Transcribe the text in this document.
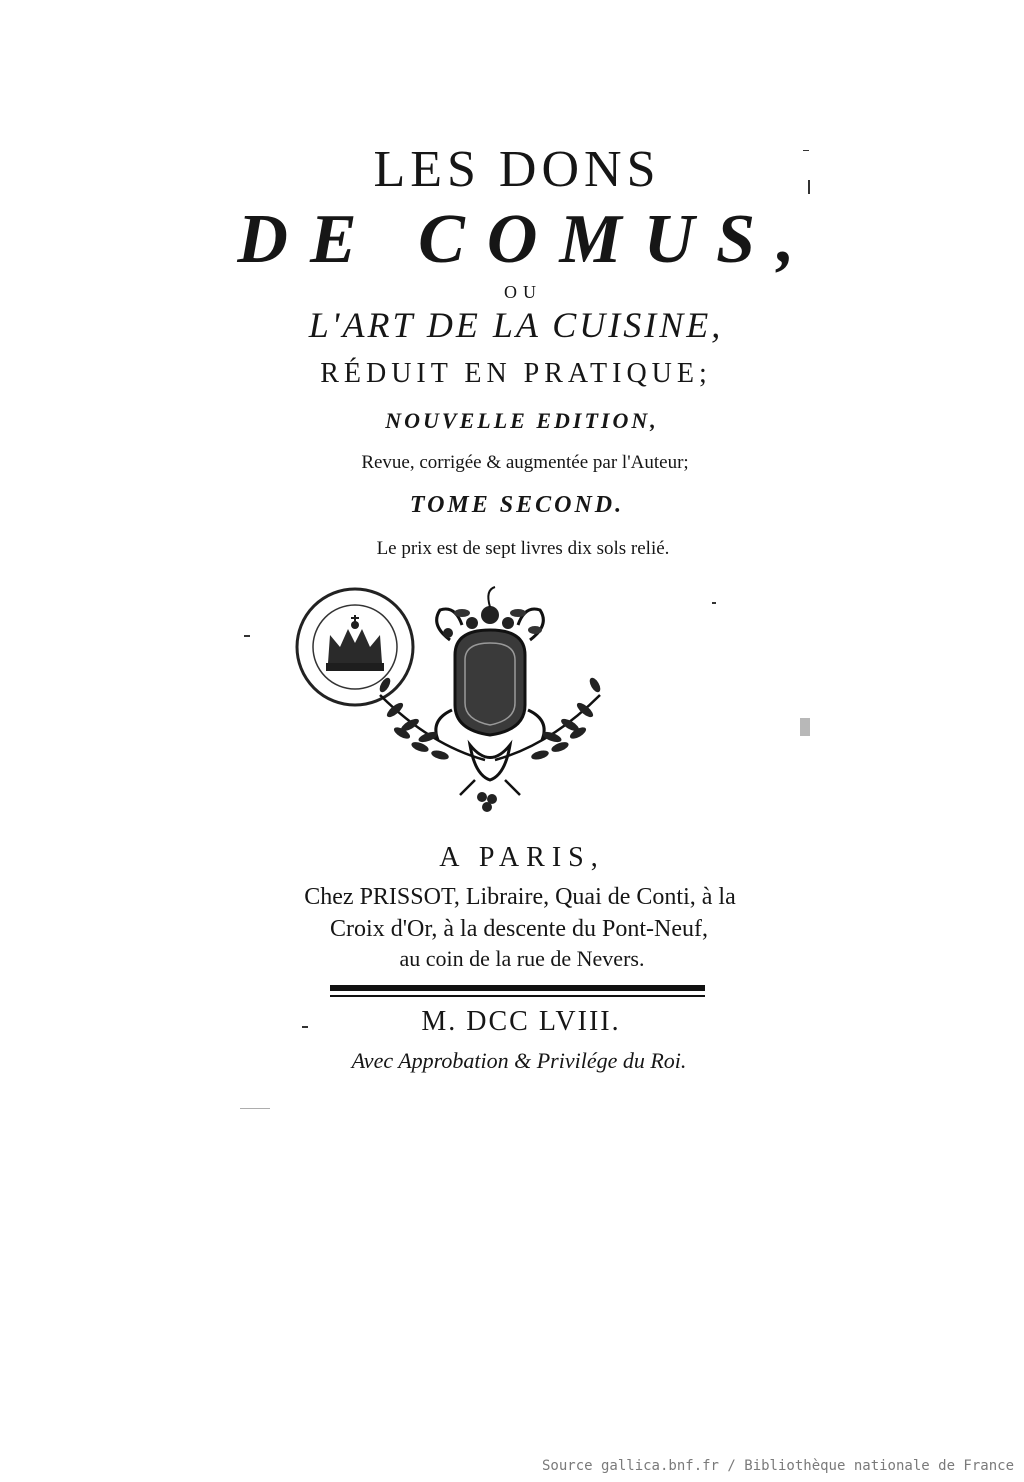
LES DONS
DE COMUS,
OU
L'ART DE LA CUISINE,
RÉDUIT EN PRATIQUE;
NOUVELLE EDITION,
Revue, corrigée & augmentée par l'Auteur;
TOME SECOND.
Le prix est de sept livres dix sols relié.
A PARIS,
Chez PRISSOT, Libraire, Quai de Conti, à la
Croix d'Or, à la descente du Pont-Neuf,
au coin de la rue de Nevers.
M. DCC LVIII.
Avec Approbation & Privilége du Roi.
Source gallica.bnf.fr / Bibliothèque nationale de France
